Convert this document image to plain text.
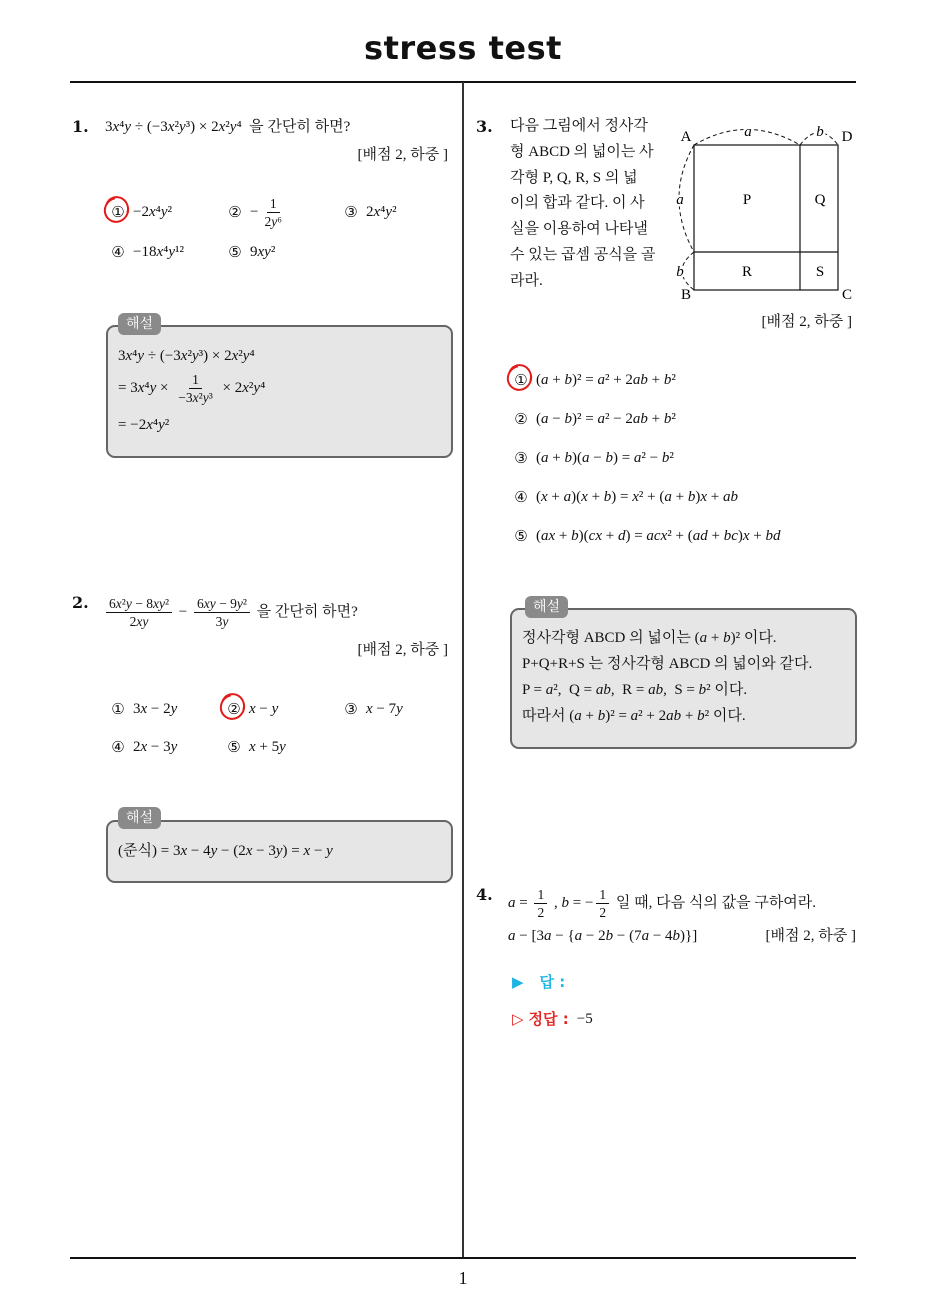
stress test
1. 3x⁴y ÷ (−3x²y³) × 2x²y⁴ 을 간단히 하면?
[배점 2, 하중 ]
① −2x⁴y²	② − $\frac{1}{\text{2y⁶}}$	③ 2x⁴y²
④ −18x⁴y¹²	⑤ 9xy²
해설
3x⁴y ÷ (−3x²y³) × 2x²y⁴
= $3x^4y \times \frac{1}{\text{−3x²y³}} \times 2x^2y^4$
= −2x⁴y²
2. $\frac{\text{6x²y − 8xy²}}{2xy} - \frac{\text{6xy − 9y²}}{3y}$ 을 간단히 하면?
[배점 2, 하중 ]
① 3x − 2y	② x − y	③ x − 7y
④ 2x − 3y	⑤ x + 5y
해설
(준식) = 3x − 4y − (2x − 3y) = x − y
3. 다음 그림에서 정사각
형 ABCD 의 넓이는 사
각형 P, Q, R, S 의 넓
이의 합과 같다. 이 사
실을 이용하여 나타낼
수 있는 곱셈 공식을 골
라라.
a	b
a
b
A	D
B	C
P	Q
R	S
[배점 2, 하중 ]
① (a + b)² = a² + 2ab + b²
② (a − b)² = a² − 2ab + b²
③ (a + b)(a − b) = a² − b²
④ (x + a)(x + b) = x² + (a + b)x + ab
⑤ (ax + b)(cx + d) = acx² + (ad + bc)x + bd
해설
정사각형 ABCD 의 넓이는 (a + b)² 이다.
P+Q+R+S 는 정사각형 ABCD 의 넓이와 같다.
P = a² ,  Q = ab ,  R = ab ,  S = b² 이다.
따라서 (a + b)² = a² + 2ab + b² 이다.
4. $a = \frac{1}{2}$ , b = − $\frac{1}{2}$ 일 때, 다음 식의 값을 구하여라.
a − [3a − {a − 2b − (7a − 4b)}]	[배점 2, 하중 ]
▶ 답 :
▷ 정답 : −5
1
